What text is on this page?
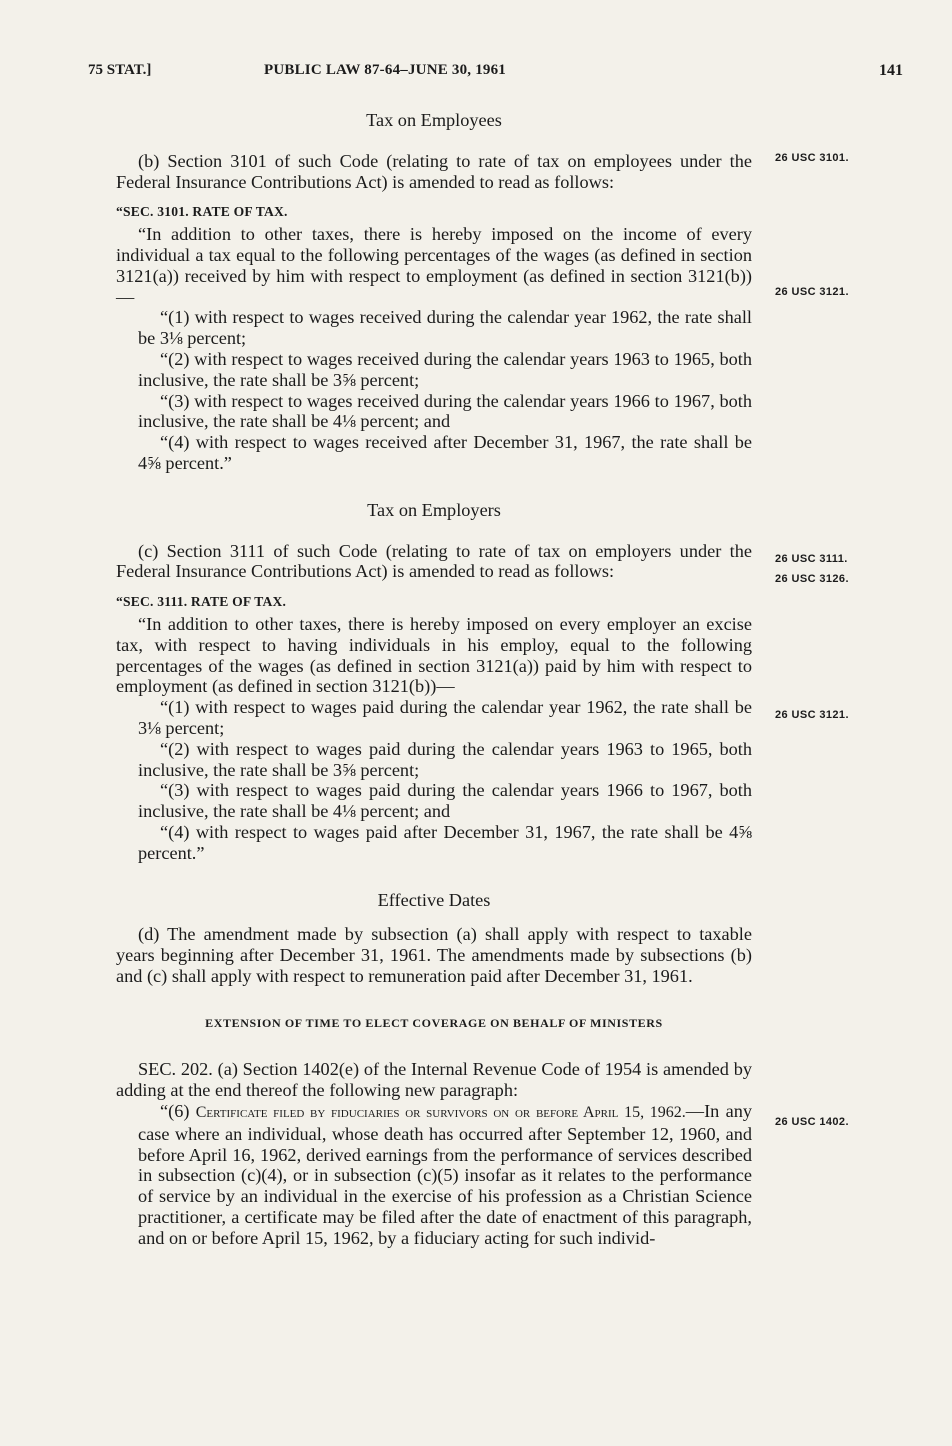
75 STAT.]	PUBLIC LAW 87-64–JUNE 30, 1961	141

Tax on Employees

(b) Section 3101 of such Code (relating to rate of tax on employees under the Federal Insurance Contributions Act) is amended to read as follows:

“SEC. 3101. RATE OF TAX.

“In addition to other taxes, there is hereby imposed on the income of every individual a tax equal to the following percentages of the wages (as defined in section 3121(a)) received by him with respect to employment (as defined in section 3121(b))—

“(1) with respect to wages received during the calendar year 1962, the rate shall be 3⅛ percent;

“(2) with respect to wages received during the calendar years 1963 to 1965, both inclusive, the rate shall be 3⅝ percent;

“(3) with respect to wages received during the calendar years 1966 to 1967, both inclusive, the rate shall be 4⅛ percent; and

“(4) with respect to wages received after December 31, 1967, the rate shall be 4⅝ percent.”

Tax on Employers

(c) Section 3111 of such Code (relating to rate of tax on employers under the Federal Insurance Contributions Act) is amended to read as follows:

“SEC. 3111. RATE OF TAX.

“In addition to other taxes, there is hereby imposed on every employer an excise tax, with respect to having individuals in his employ, equal to the following percentages of the wages (as defined in section 3121(a)) paid by him with respect to employment (as defined in section 3121(b))—

“(1) with respect to wages paid during the calendar year 1962, the rate shall be 3⅛ percent;

“(2) with respect to wages paid during the calendar years 1963 to 1965, both inclusive, the rate shall be 3⅝ percent;

“(3) with respect to wages paid during the calendar years 1966 to 1967, both inclusive, the rate shall be 4⅛ percent; and

“(4) with respect to wages paid after December 31, 1967, the rate shall be 4⅝ percent.”

Effective Dates

(d) The amendment made by subsection (a) shall apply with respect to taxable years beginning after December 31, 1961. The amendments made by subsections (b) and (c) shall apply with respect to remuneration paid after December 31, 1961.

EXTENSION OF TIME TO ELECT COVERAGE ON BEHALF OF MINISTERS

SEC. 202. (a) Section 1402(e) of the Internal Revenue Code of 1954 is amended by adding at the end thereof the following new paragraph:

“(6) Certificate filed by fiduciaries or survivors on or before April 15, 1962.—In any case where an individual, whose death has occurred after September 12, 1960, and before April 16, 1962, derived earnings from the performance of services described in subsection (c)(4), or in subsection (c)(5) insofar as it relates to the performance of service by an individual in the exercise of his profession as a Christian Science practitioner, a certificate may be filed after the date of enactment of this paragraph, and on or before April 15, 1962, by a fiduciary acting for such individ-

26 USC 3101.
26 USC 3121.
26 USC 3111.
26 USC 3126.
26 USC 3121.
26 USC 1402.
